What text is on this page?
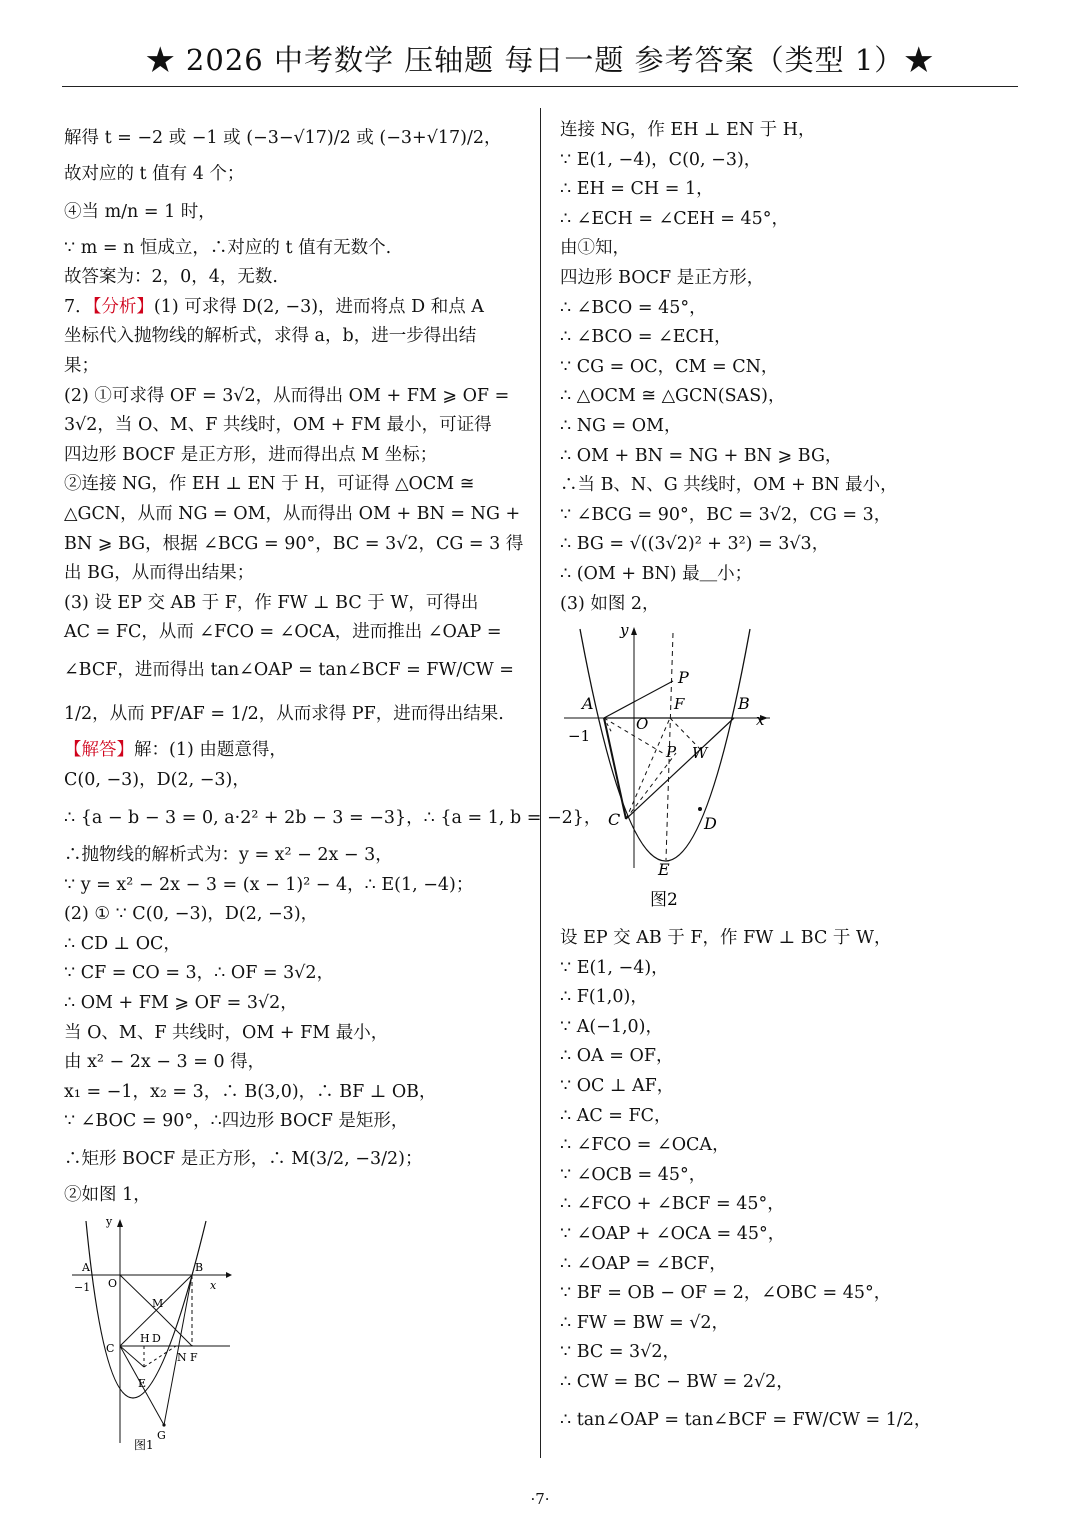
★ 2026 中考数学 压轴题 每日一题 参考答案（类型 1）★
解得 t = −2 或 −1 或 (−3−√17)/2 或 (−3+√17)/2，
故对应的 t 值有 4 个；
④当 m/n = 1 时，
∵ m = n 恒成立，∴对应的 t 值有无数个.
故答案为：2，0，4，无数.
7．【分析】(1) 可求得 D(2, −3)，进而将点 D 和点 A
坐标代入抛物线的解析式，求得 a，b，进一步得出结
果；
(2) ①可求得 OF = 3√2，从而得出 OM + FM ⩾ OF =
3√2，当 O、M、F 共线时，OM + FM 最小，可证得
四边形 BOCF 是正方形，进而得出点 M 坐标；
②连接 NG，作 EH ⊥ EN 于 H，可证得 △OCM ≅
△GCN，从而 NG = OM，从而得出 OM + BN = NG +
BN ⩾ BG，根据 ∠BCG = 90°，BC = 3√2，CG = 3 得
出 BG，从而得出结果；
(3) 设 EP 交 AB 于 F，作 FW ⊥ BC 于 W，可得出
AC = FC，从而 ∠FCO = ∠OCA，进而推出 ∠OAP =
∠BCF，进而得出 tan∠OAP = tan∠BCF = FW/CW =
1/2，从而 PF/AF = 1/2，从而求得 PF，进而得出结果.
【解答】解：(1) 由题意得，
C(0, −3)，D(2, −3)，
∴ {a − b − 3 = 0, a·2² + 2b − 3 = −3}，∴ {a = 1, b = −2}，
∴抛物线的解析式为：y = x² − 2x − 3，
∵ y = x² − 2x − 3 = (x − 1)² − 4，∴ E(1, −4)；
(2) ① ∵ C(0, −3)，D(2, −3)，
∴ CD ⊥ OC，
∵ CF = CO = 3，∴ OF = 3√2，
∴ OM + FM ⩾ OF = 3√2，
当 O、M、F 共线时，OM + FM 最小，
由 x² − 2x − 3 = 0 得，
x₁ = −1，x₂ = 3，∴ B(3,0)，∴ BF ⊥ OB，
∵ ∠BOC = 90°，∴四边形 BOCF 是矩形，
∴矩形 BOCF 是正方形，∴ M(3/2, −3/2)；
②如图 1，
A	B
y
x
O
−1
M
C
H D
N F
E
G
图1
连接 NG，作 EH ⊥ EN 于 H，
∵ E(1, −4)，C(0, −3)，
∴ EH = CH = 1，
∴ ∠ECH = ∠CEH = 45°，
由①知，
四边形 BOCF 是正方形，
∴ ∠BCO = 45°，
∴ ∠BCO = ∠ECH，
∵ CG = OC，CM = CN，
∴ △OCM ≅ △GCN(SAS)，
∴ NG = OM，
∴ OM + BN = NG + BN ⩾ BG，
∴当 B、N、G 共线时，OM + BN 最小，
∵ ∠BCG = 90°，BC = 3√2，CG = 3，
∴ BG = √((3√2)² + 3²) = 3√3，
∴ (OM + BN) 最＿小；
(3) 如图 2，
y
x
A	B
O
−1
P
F
P W
C	D
E
图2
设 EP 交 AB 于 F，作 FW ⊥ BC 于 W，
∵ E(1, −4)，
∴ F(1,0)，
∵ A(−1,0)，
∴ OA = OF，
∵ OC ⊥ AF，
∴ AC = FC，
∴ ∠FCO = ∠OCA，
∵ ∠OCB = 45°，
∴ ∠FCO + ∠BCF = 45°，
∵ ∠OAP + ∠OCA = 45°，
∴ ∠OAP = ∠BCF，
∵ BF = OB − OF = 2，∠OBC = 45°，
∴ FW = BW = √2，
∵ BC = 3√2，
∴ CW = BC − BW = 2√2，
∴ tan∠OAP = tan∠BCF = FW/CW = 1/2，
·7·
